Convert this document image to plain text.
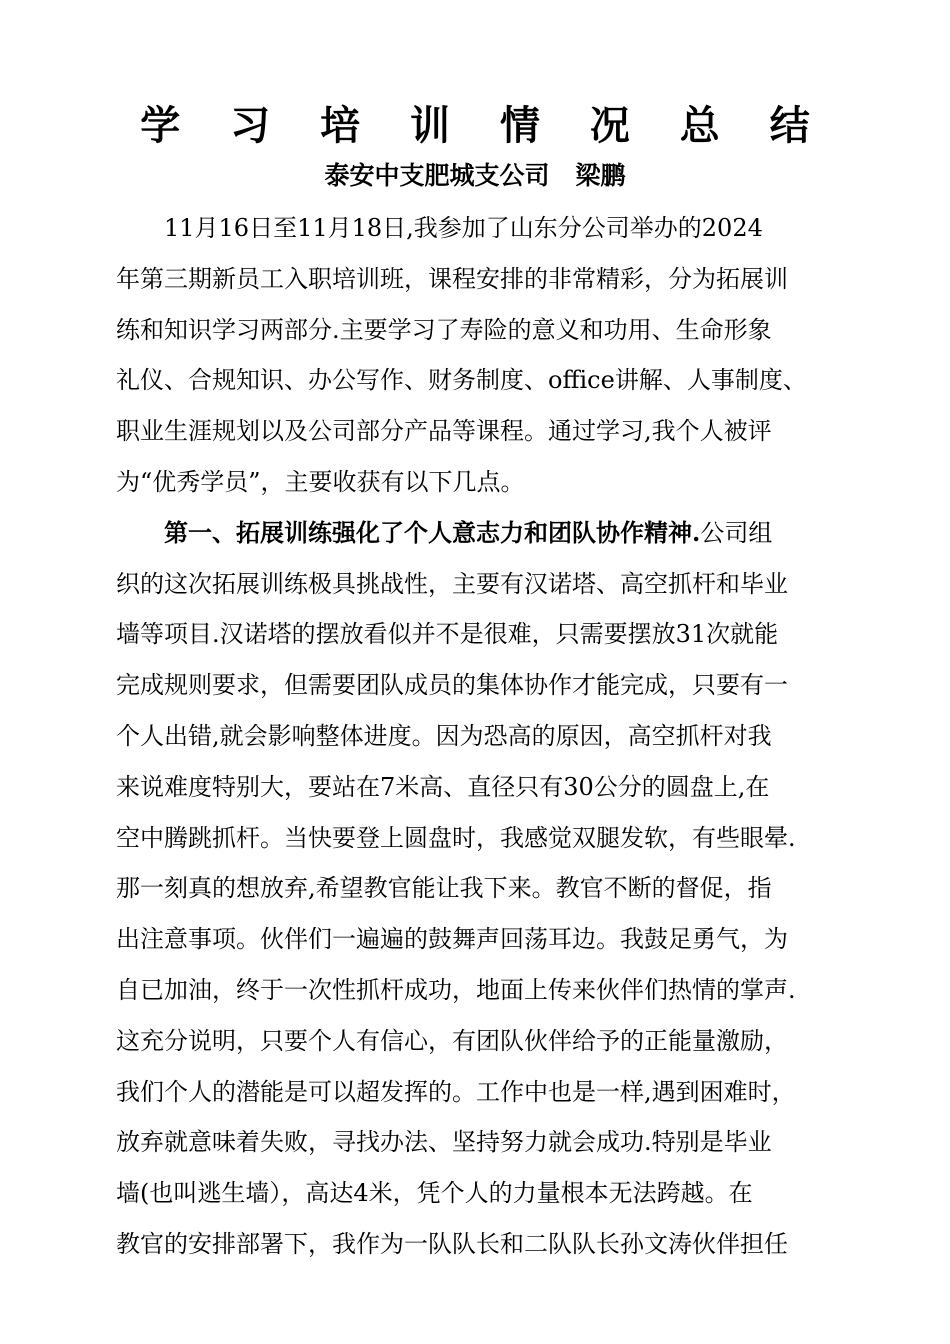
学 习 培 训 情 况 总 结
泰安中支肥城支公司 梁鹏
11月16日至11月18日,我参加了山东分公司举办的2024
年第三期新员工入职培训班，课程安排的非常精彩，分为拓展训
练和知识学习两部分.主要学习了寿险的意义和功用、生命形象
礼仪、合规知识、办公写作、财务制度、office讲解、人事制度、
职业生涯规划以及公司部分产品等课程。通过学习,我个人被评
为“优秀学员”，主要收获有以下几点。
第一、拓展训练强化了个人意志力和团队协作精神.公司组
织的这次拓展训练极具挑战性，主要有汉诺塔、高空抓杆和毕业
墙等项目.汉诺塔的摆放看似并不是很难，只需要摆放31次就能
完成规则要求，但需要团队成员的集体协作才能完成，只要有一
个人出错,就会影响整体进度。因为恐高的原因，高空抓杆对我
来说难度特别大，要站在7米高、直径只有30公分的圆盘上,在
空中腾跳抓杆。当快要登上圆盘时，我感觉双腿发软，有些眼晕.
那一刻真的想放弃,希望教官能让我下来。教官不断的督促，指
出注意事项。伙伴们一遍遍的鼓舞声回荡耳边。我鼓足勇气，为
自已加油，终于一次性抓杆成功，地面上传来伙伴们热情的掌声.
这充分说明，只要个人有信心，有团队伙伴给予的正能量激励，
我们个人的潜能是可以超发挥的。工作中也是一样,遇到困难时，
放弃就意味着失败，寻找办法、坚持努力就会成功.特别是毕业
墙(也叫逃生墙），高达4米，凭个人的力量根本无法跨越。在
教官的安排部署下，我作为一队队长和二队队长孙文涛伙伴担任
